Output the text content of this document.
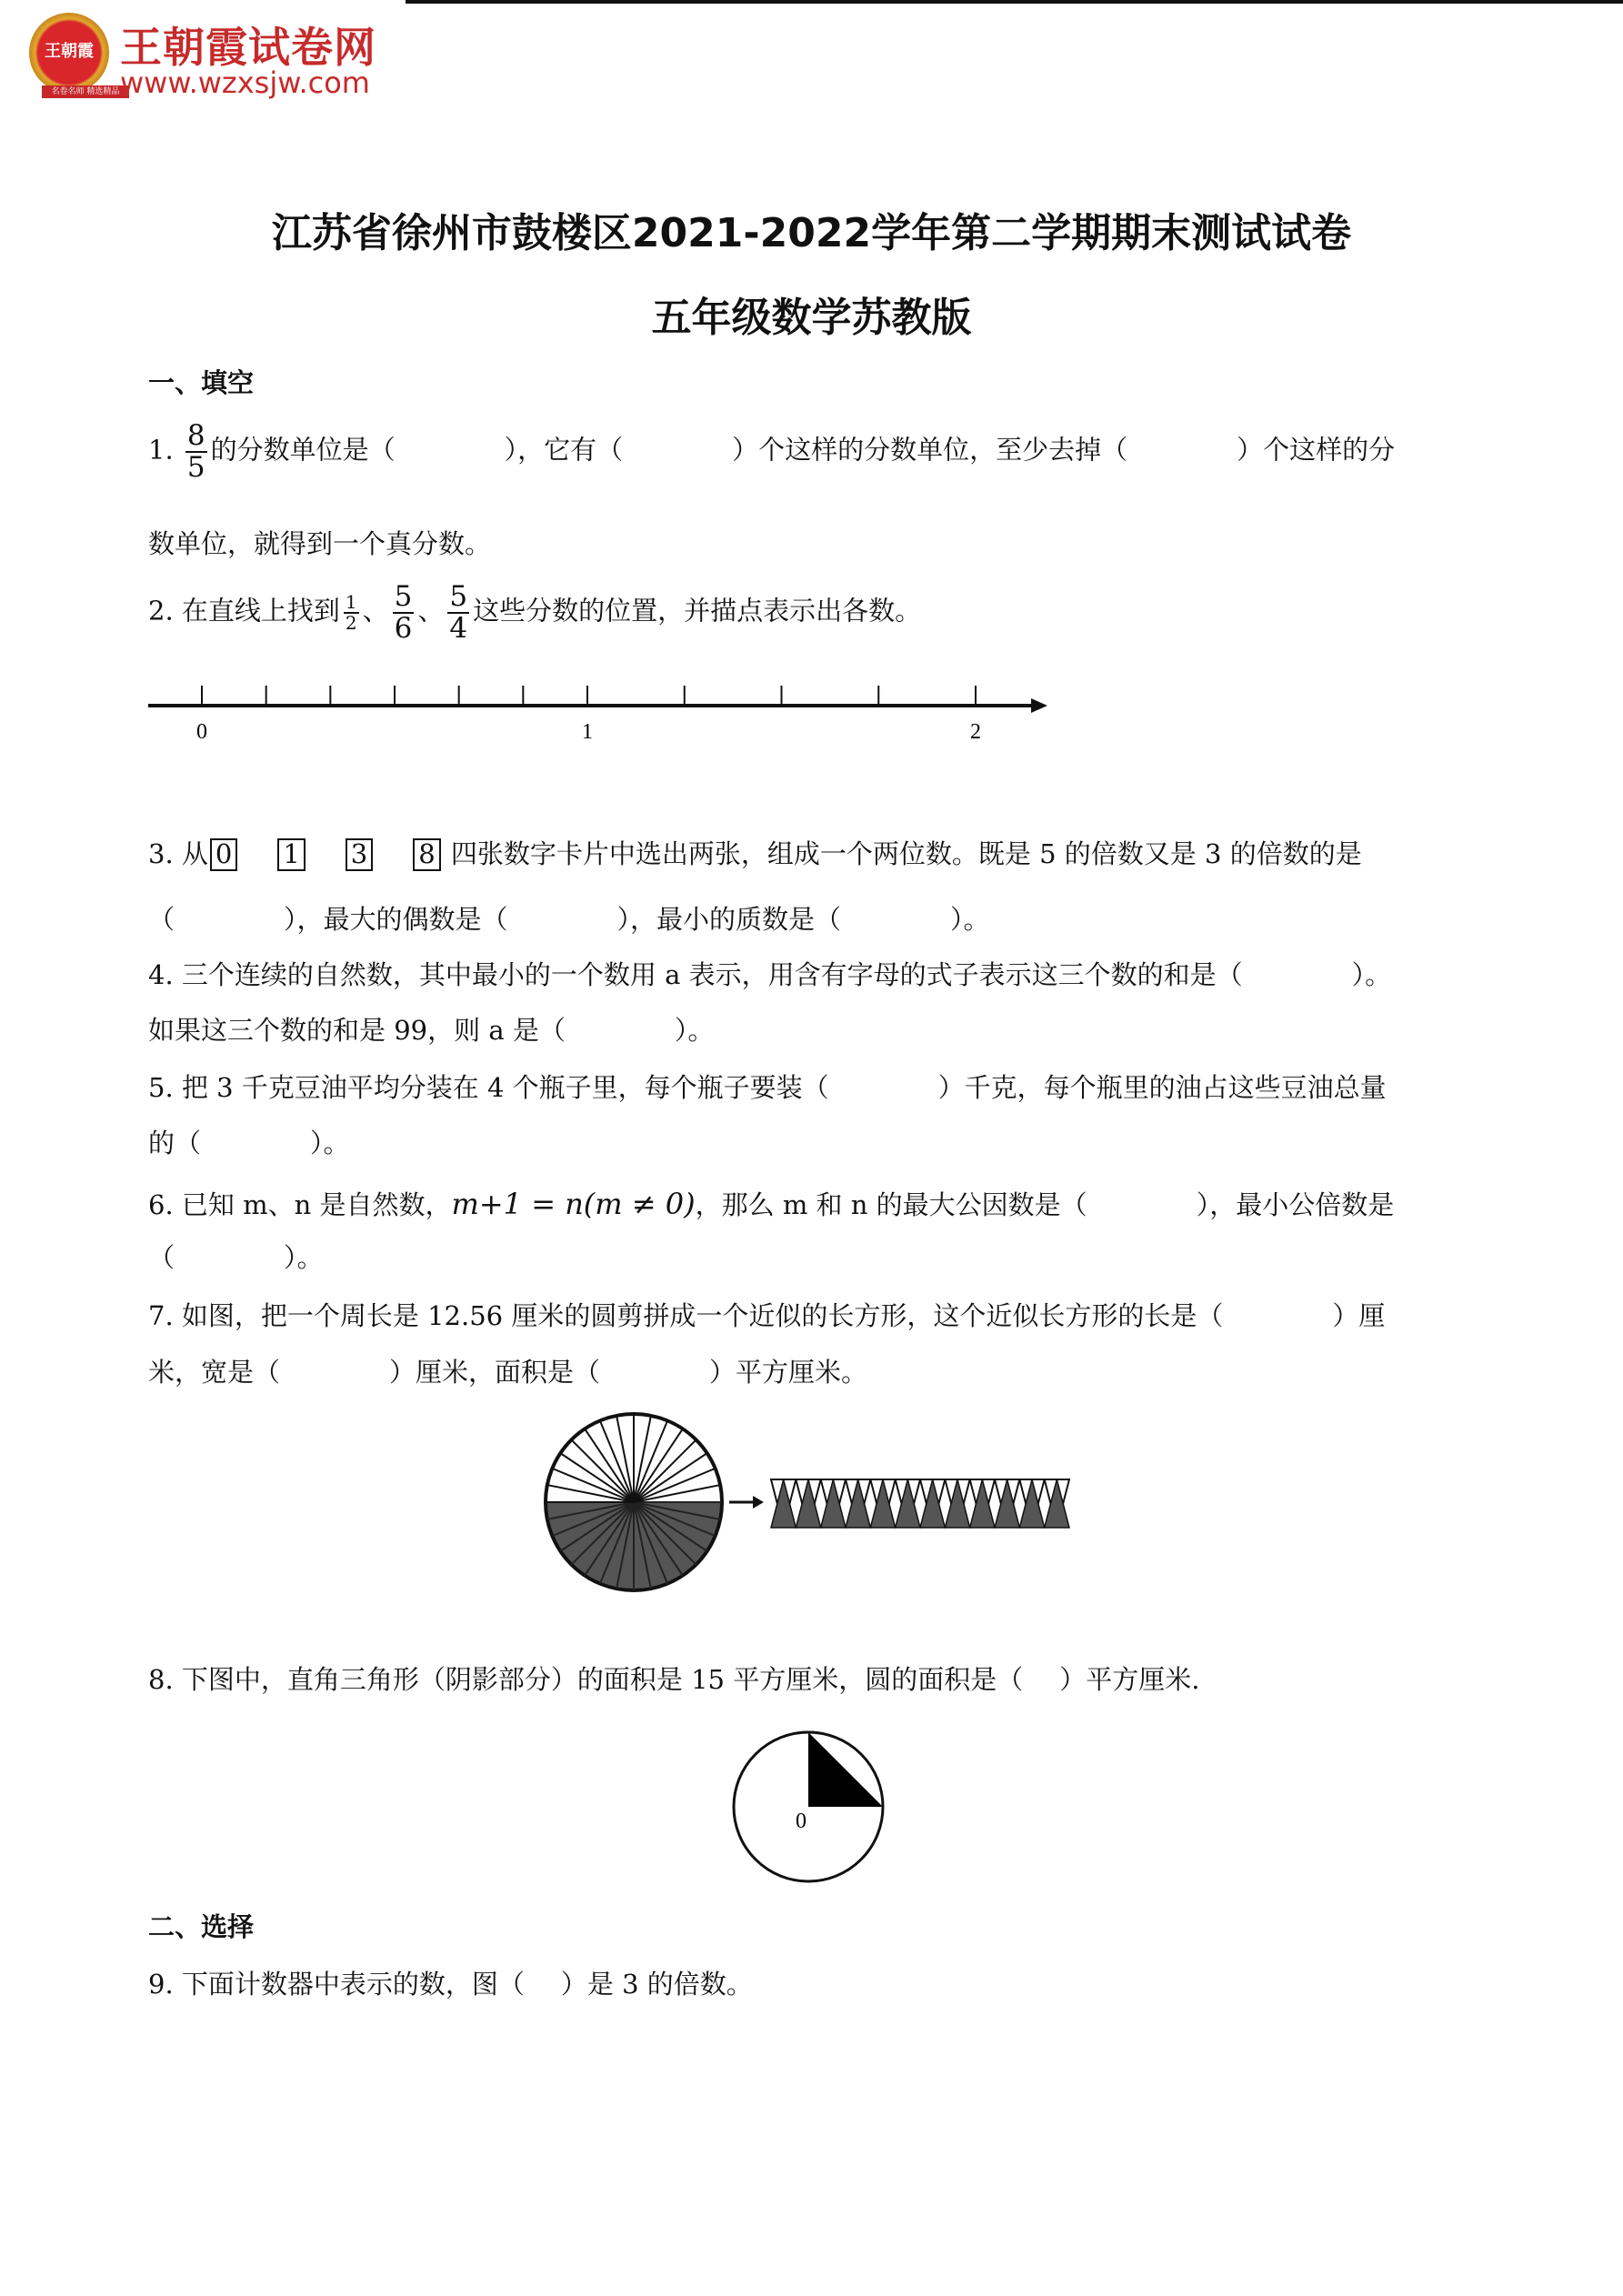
王朝霞
名卷名师 精选精品
王朝霞试卷网
www.wzxsjw.com
江苏省徐州市鼓楼区2021-2022学年第二学期期末测试试卷
五年级数学苏教版
一、填空
1. $\frac{8}{5}$ 的分数单位是（	），它有（	）个这样的分数单位，至少去掉（	）个这样的分
数单位，就得到一个真分数。
2. 在直线上找到 $\frac{1}{2}$ 、 $\frac{5}{6}$ 、 $\frac{5}{4}$ 这些分数的位置，并描点表示出各数。
0	1	2
3. 从 0 1 3 8 四张数字卡片中选出两张，组成一个两位数。既是 5 的倍数又是 3 的倍数的是
（	），最大的偶数是（	），最小的质数是（	）。
4. 三个连续的自然数，其中最小的一个数用 a 表示，用含有字母的式子表示这三个数的和是（	）。
如果这三个数的和是 99，则 a 是（	）。
5. 把 3 千克豆油平均分装在 4 个瓶子里，每个瓶子要装（	）千克，每个瓶里的油占这些豆油总量
的（	）。
6. 已知 m、n 是自然数，m+1 = n(m ≠ 0)，那么 m 和 n 的最大公因数是（	），最小公倍数是
（	）。
7. 如图，把一个周长是 12.56 厘米的圆剪拼成一个近似的长方形，这个近似长方形的长是（	）厘
米，宽是（	）厘米，面积是（	）平方厘米。
8. 下图中，直角三角形（阴影部分）的面积是 15 平方厘米，圆的面积是（ ）平方厘米.
0
二、选择
9. 下面计数器中表示的数，图（ ）是 3 的倍数。
